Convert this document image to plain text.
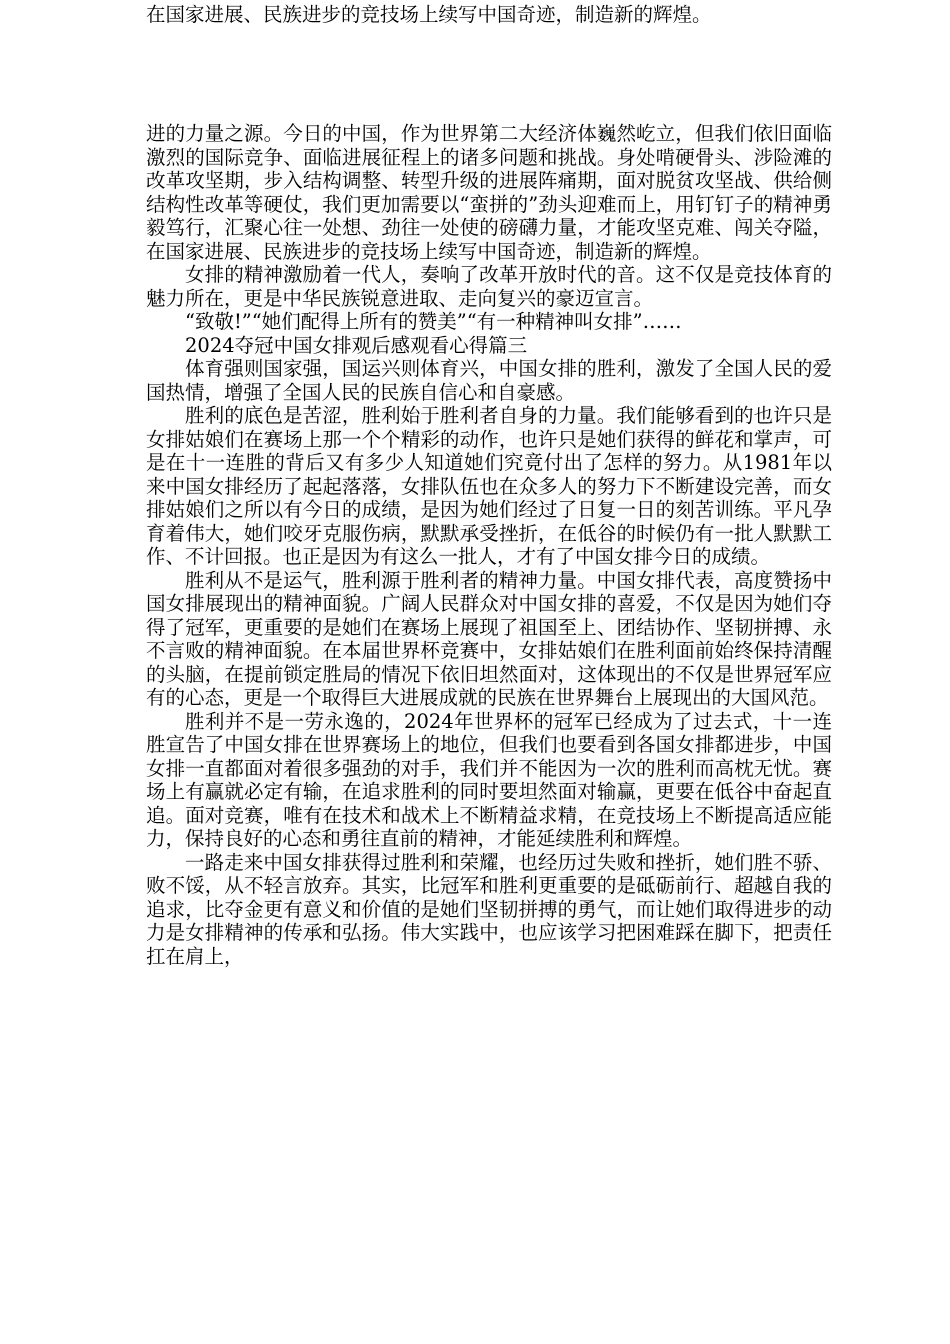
在国家进展、民族进步的竞技场上续写中国奇迹，制造新的辉煌。

进的力量之源。今日的中国，作为世界第二大经济体巍然屹立，但我们依旧面临激烈的国际竞争、面临进展征程上的诸多问题和挑战。身处啃硬骨头、涉险滩的改革攻坚期，步入结构调整、转型升级的进展阵痛期，面对脱贫攻坚战、供给侧结构性改革等硬仗，我们更加需要以“蛮拼的”劲头迎难而上，用钉钉子的精神勇毅笃行，汇聚心往一处想、劲往一处使的磅礴力量，才能攻坚克难、闯关夺隘，在国家进展、民族进步的竞技场上续写中国奇迹，制造新的辉煌。

女排的精神激励着一代人，奏响了改革开放时代的音。这不仅是竞技体育的魅力所在，更是中华民族锐意进取、走向复兴的豪迈宣言。

“致敬!”“她们配得上所有的赞美”“有一种精神叫女排”……

2024夺冠中国女排观后感观看心得篇三

体育强则国家强，国运兴则体育兴，中国女排的胜利，激发了全国人民的爱国热情，增强了全国人民的民族自信心和自豪感。

胜利的底色是苦涩，胜利始于胜利者自身的力量。我们能够看到的也许只是女排姑娘们在赛场上那一个个精彩的动作，也许只是她们获得的鲜花和掌声，可是在十一连胜的背后又有多少人知道她们究竟付出了怎样的努力。从1981年以来中国女排经历了起起落落，女排队伍也在众多人的努力下不断建设完善，而女排姑娘们之所以有今日的成绩，是因为她们经过了日复一日的刻苦训练。平凡孕育着伟大，她们咬牙克服伤病，默默承受挫折，在低谷的时候仍有一批人默默工作、不计回报。也正是因为有这么一批人，才有了中国女排今日的成绩。

胜利从不是运气，胜利源于胜利者的精神力量。中国女排代表，高度赞扬中国女排展现出的精神面貌。广阔人民群众对中国女排的喜爱，不仅是因为她们夺得了冠军，更重要的是她们在赛场上展现了祖国至上、团结协作、坚韧拼搏、永不言败的精神面貌。在本届世界杯竞赛中，女排姑娘们在胜利面前始终保持清醒的头脑，在提前锁定胜局的情况下依旧坦然面对，这体现出的不仅是世界冠军应有的心态，更是一个取得巨大进展成就的民族在世界舞台上展现出的大国风范。

胜利并不是一劳永逸的，2024年世界杯的冠军已经成为了过去式，十一连胜宣告了中国女排在世界赛场上的地位，但我们也要看到各国女排都进步，中国女排一直都面对着很多强劲的对手，我们并不能因为一次的胜利而高枕无忧。赛场上有赢就必定有输，在追求胜利的同时要坦然面对输赢，更要在低谷中奋起直追。面对竞赛，唯有在技术和战术上不断精益求精，在竞技场上不断提高适应能力，保持良好的心态和勇往直前的精神，才能延续胜利和辉煌。

一路走来中国女排获得过胜利和荣耀，也经历过失败和挫折，她们胜不骄、败不馁，从不轻言放弃。其实，比冠军和胜利更重要的是砥砺前行、超越自我的追求，比夺金更有意义和价值的是她们坚韧拼搏的勇气，而让她们取得进步的动力是女排精神的传承和弘扬。伟大实践中，也应该学习把困难踩在脚下，把责任扛在肩上，
